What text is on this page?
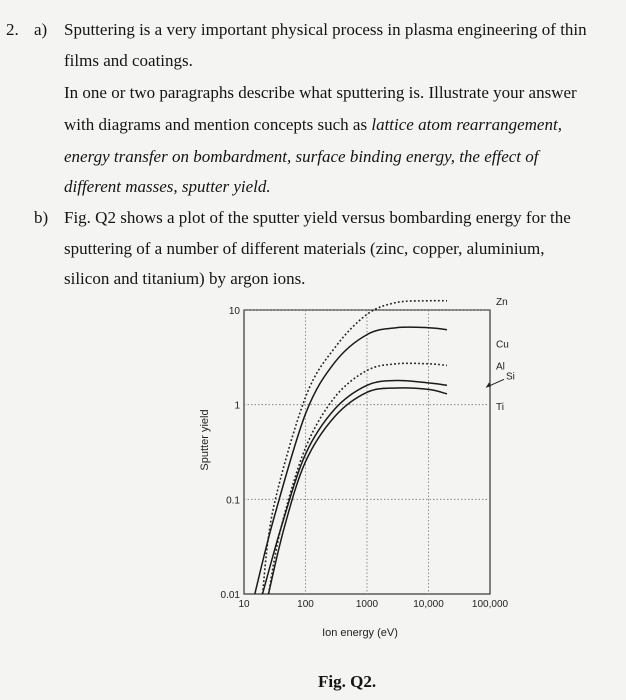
2. a) Sputtering is a very important physical process in plasma engineering of thin
films and coatings.
In one or two paragraphs describe what sputtering is. Illustrate your answer
with diagrams and mention concepts such as lattice atom rearrangement,
energy transfer on bombardment, surface binding energy, the effect of
different masses, sputter yield.
b) Fig. Q2 shows a plot of the sputter yield versus bombarding energy for the
sputtering of a number of different materials (zinc, copper, aluminium,
silicon and titanium) by argon ions.
10	100	1000	10,000	100,000
0.01
0.1
1
10
Zn
Cu
Al
Si
Ti
Ion energy (eV)
Sputter yield
Fig. Q2.
